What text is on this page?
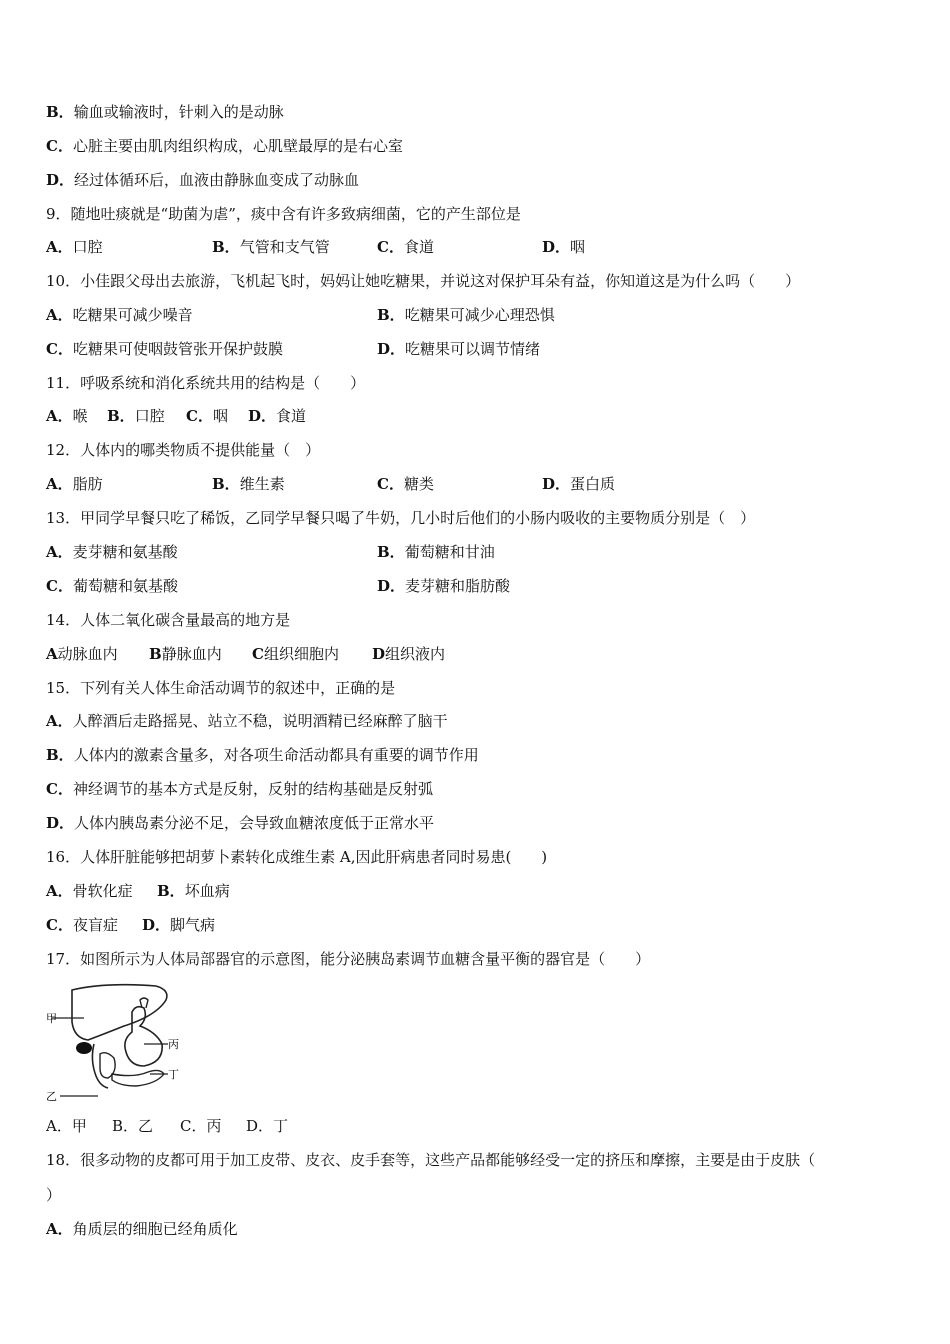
B．输血或输液时，针刺入的是动脉
C．心脏主要由肌肉组织构成，心肌壁最厚的是右心室
D．经过体循环后，血液由静脉血变成了动脉血
9．随地吐痰就是“助菌为虐”，痰中含有许多致病细菌，它的产生部位是
A．口腔	B．气管和支气管	C．食道	D．咽
10．小佳跟父母出去旅游，飞机起飞时，妈妈让她吃糖果，并说这对保护耳朵有益，你知道这是为什么吗（　　）
A．吃糖果可减少噪音	B．吃糖果可减少心理恐惧
C．吃糖果可使咽鼓管张开保护鼓膜	D．吃糖果可以调节情绪
11．呼吸系统和消化系统共用的结构是（　　）
A．喉 B．口腔 C．咽 D．食道
12．人体内的哪类物质不提供能量（　）
A．脂肪	B．维生素	C．糖类	D．蛋白质
13．甲同学早餐只吃了稀饭，乙同学早餐只喝了牛奶，几小时后他们的小肠内吸收的主要物质分别是（　）
A．麦芽糖和氨基酸	B．葡萄糖和甘油
C．葡萄糖和氨基酸	D．麦芽糖和脂肪酸
14．人体二氧化碳含量最高的地方是
A动脉血内 B静脉血内 C组织细胞内 D组织液内
15．下列有关人体生命活动调节的叙述中，正确的是
A．人醉酒后走路摇晃、站立不稳，说明酒精已经麻醉了脑干
B．人体内的激素含量多，对各项生命活动都具有重要的调节作用
C．神经调节的基本方式是反射，反射的结构基础是反射弧
D．人体内胰岛素分泌不足，会导致血糖浓度低于正常水平
16．人体肝脏能够把胡萝卜素转化成维生素 A,因此肝病患者同时易患(　　)
A．骨软化症 B．坏血病
C．夜盲症 D．脚气病
17．如图所示为人体局部器官的示意图，能分泌胰岛素调节血糖含量平衡的器官是（　　）
甲
丙
丁
乙
A．甲 B．乙 C．丙 D．丁
18．很多动物的皮都可用于加工皮带、皮衣、皮手套等，这些产品都能够经受一定的挤压和摩擦，主要是由于皮肤（
）
A．角质层的细胞已经角质化
